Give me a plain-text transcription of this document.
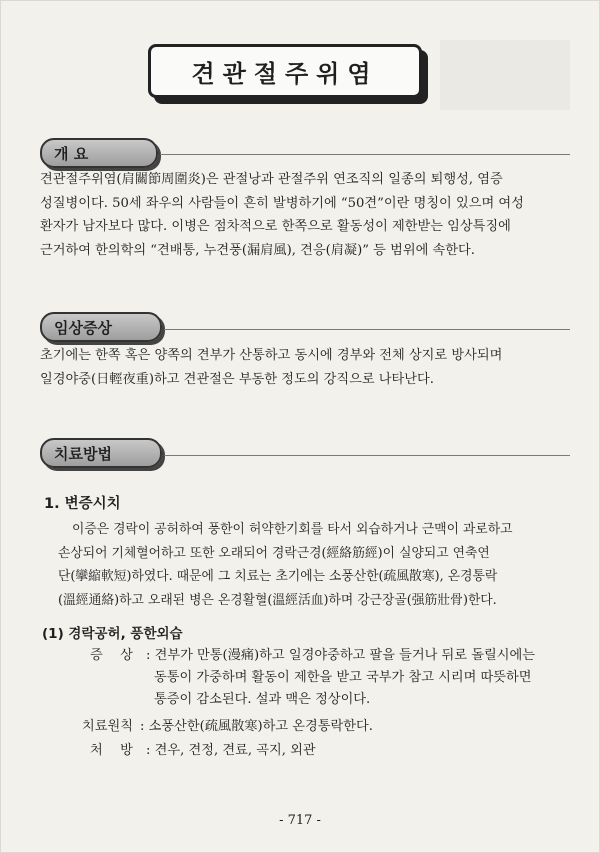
견관절주위염
개 요
견관절주위염(肩關節周圍炎)은 관절낭과 관절주위 연조직의 일종의 퇴행성, 염증
성질병이다. 50세 좌우의 사람들이 흔히 발병하기에 “50견”이란 명칭이 있으며 여성
환자가 남자보다 많다. 이병은 점차적으로 한쪽으로 활동성이 제한받는 임상특징에
근거하여 한의학의 “견배통, 누견풍(漏肩風), 견응(肩凝)” 등 범위에 속한다.
임상증상
초기에는 한쪽 혹은 양쪽의 견부가 산통하고 동시에 경부와 전체 상지로 방사되며
일경야중(日輕夜重)하고 견관절은 부동한 정도의 강직으로 나타난다.
치료방법
1. 변증시치
이증은 경락이 공허하여 풍한이 허약한기회를 타서 외습하거나 근맥이 과로하고
손상되어 기체혈어하고 또한 오래되어 경락근경(經絡筋經)이 실양되고 연축연
단(攣縮軟短)하였다. 때문에 그 치료는 초기에는 소풍산한(疏風散寒), 온경통락
(溫經通絡)하고 오래된 병은 온경활혈(溫經活血)하며 강근장골(强筋壯骨)한다.
(1) 경락공허, 풍한외습
증　 상 : 견부가 만통(漫痛)하고 일경야중하고 팔을 들거나 뒤로 돌릴시에는
동통이 가중하며 활동이 제한을 받고 국부가 참고 시리며 따뜻하면
통증이 감소된다. 설과 맥은 정상이다.
치료원칙 : 소풍산한(疏風散寒)하고 온경통락한다.
처　 방 : 견우, 견정, 견료, 곡지, 외관
- 717 -
